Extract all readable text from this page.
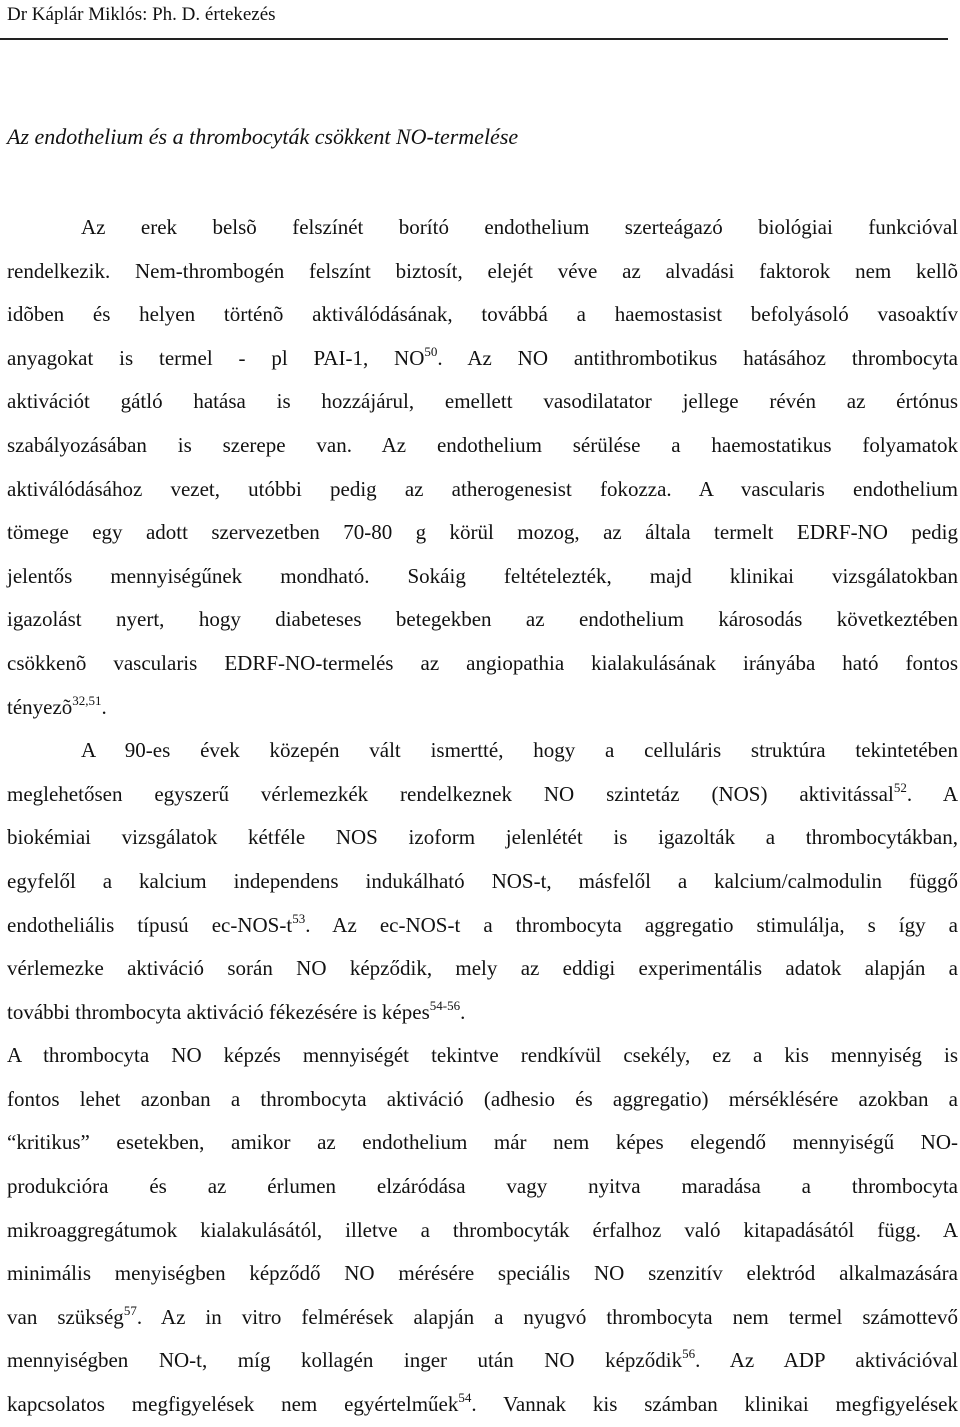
Dr Káplár Miklós: Ph. D. értekezés
Az endothelium és a thrombocyták csökkent NO-termelése
Az erek belsõ felszínét borító endothelium szerteágazó biológiai funkcióval
rendelkezik. Nem-thrombogén felszínt biztosít, elejét véve az alvadási faktorok nem kellõ
idõben és helyen történõ aktiválódásának, továbbá a haemostasist befolyásoló vasoaktív
anyagokat is termel - pl PAI-1, NO$^{50}$. Az NO antithrombotikus hatásához thrombocyta
aktivációt gátló hatása is hozzájárul, emellett vasodilatator jellege révén az értónus
szabályozásában is szerepe van. Az endothelium sérülése a haemostatikus folyamatok
aktiválódásához vezet, utóbbi pedig az atherogenesist fokozza. A vascularis endothelium
tömege egy adott szervezetben 70-80 g körül mozog, az általa termelt EDRF-NO pedig
jelentős mennyiségűnek mondható. Sokáig feltételezték, majd klinikai vizsgálatokban
igazolást nyert, hogy diabeteses betegekben az endothelium károsodás következtében
csökkenõ vascularis EDRF-NO-termelés az angiopathia kialakulásának irányába ható fontos
tényezõ$^{32,51}$.
A 90-es évek közepén vált ismertté, hogy a celluláris struktúra tekintetében
meglehetősen egyszerű vérlemezkék rendelkeznek NO szintetáz (NOS) aktivitással$^{52}$. A
biokémiai vizsgálatok kétféle NOS izoform jelenlétét is igazolták a thrombocytákban,
egyfelől a kalcium independens indukálható NOS-t, másfelől a kalcium/calmodulin függő
endotheliális típusú $ec-NOS-t^{53}$. Az ec-NOS-t a thrombocyta aggregatio stimulálja, s így a
vérlemezke aktiváció során NO képződik, mely az eddigi experimentális adatok alapján a
további thrombocyta aktiváció fékezésére is képes$^{54-56}$.
A thrombocyta NO képzés mennyiségét tekintve rendkívül csekély, ez a kis mennyiség is
fontos lehet azonban a thrombocyta aktiváció (adhesio és aggregatio) mérséklésére azokban a
“kritikus” esetekben, amikor az endothelium már nem képes elegendő mennyiségű NO-
produkcióra és az érlumen elzáródása vagy nyitva maradása a thrombocyta
mikroaggregátumok kialakulásától, illetve a thrombocyták érfalhoz való kitapadásától függ. A
minimális menyiségben képződő NO mérésére speciális NO szenzitív elektród alkalmazására
van szükség$^{57}$. Az in vitro felmérések alapján a nyugvó thrombocyta nem termel számottevő
mennyiségben NO-t, míg kollagén inger után NO képződik$^{56}$. Az ADP aktivációval
kapcsolatos megfigyelések nem egyértelműek$^{54}$. Vannak kis számban klinikai megfigyelések
